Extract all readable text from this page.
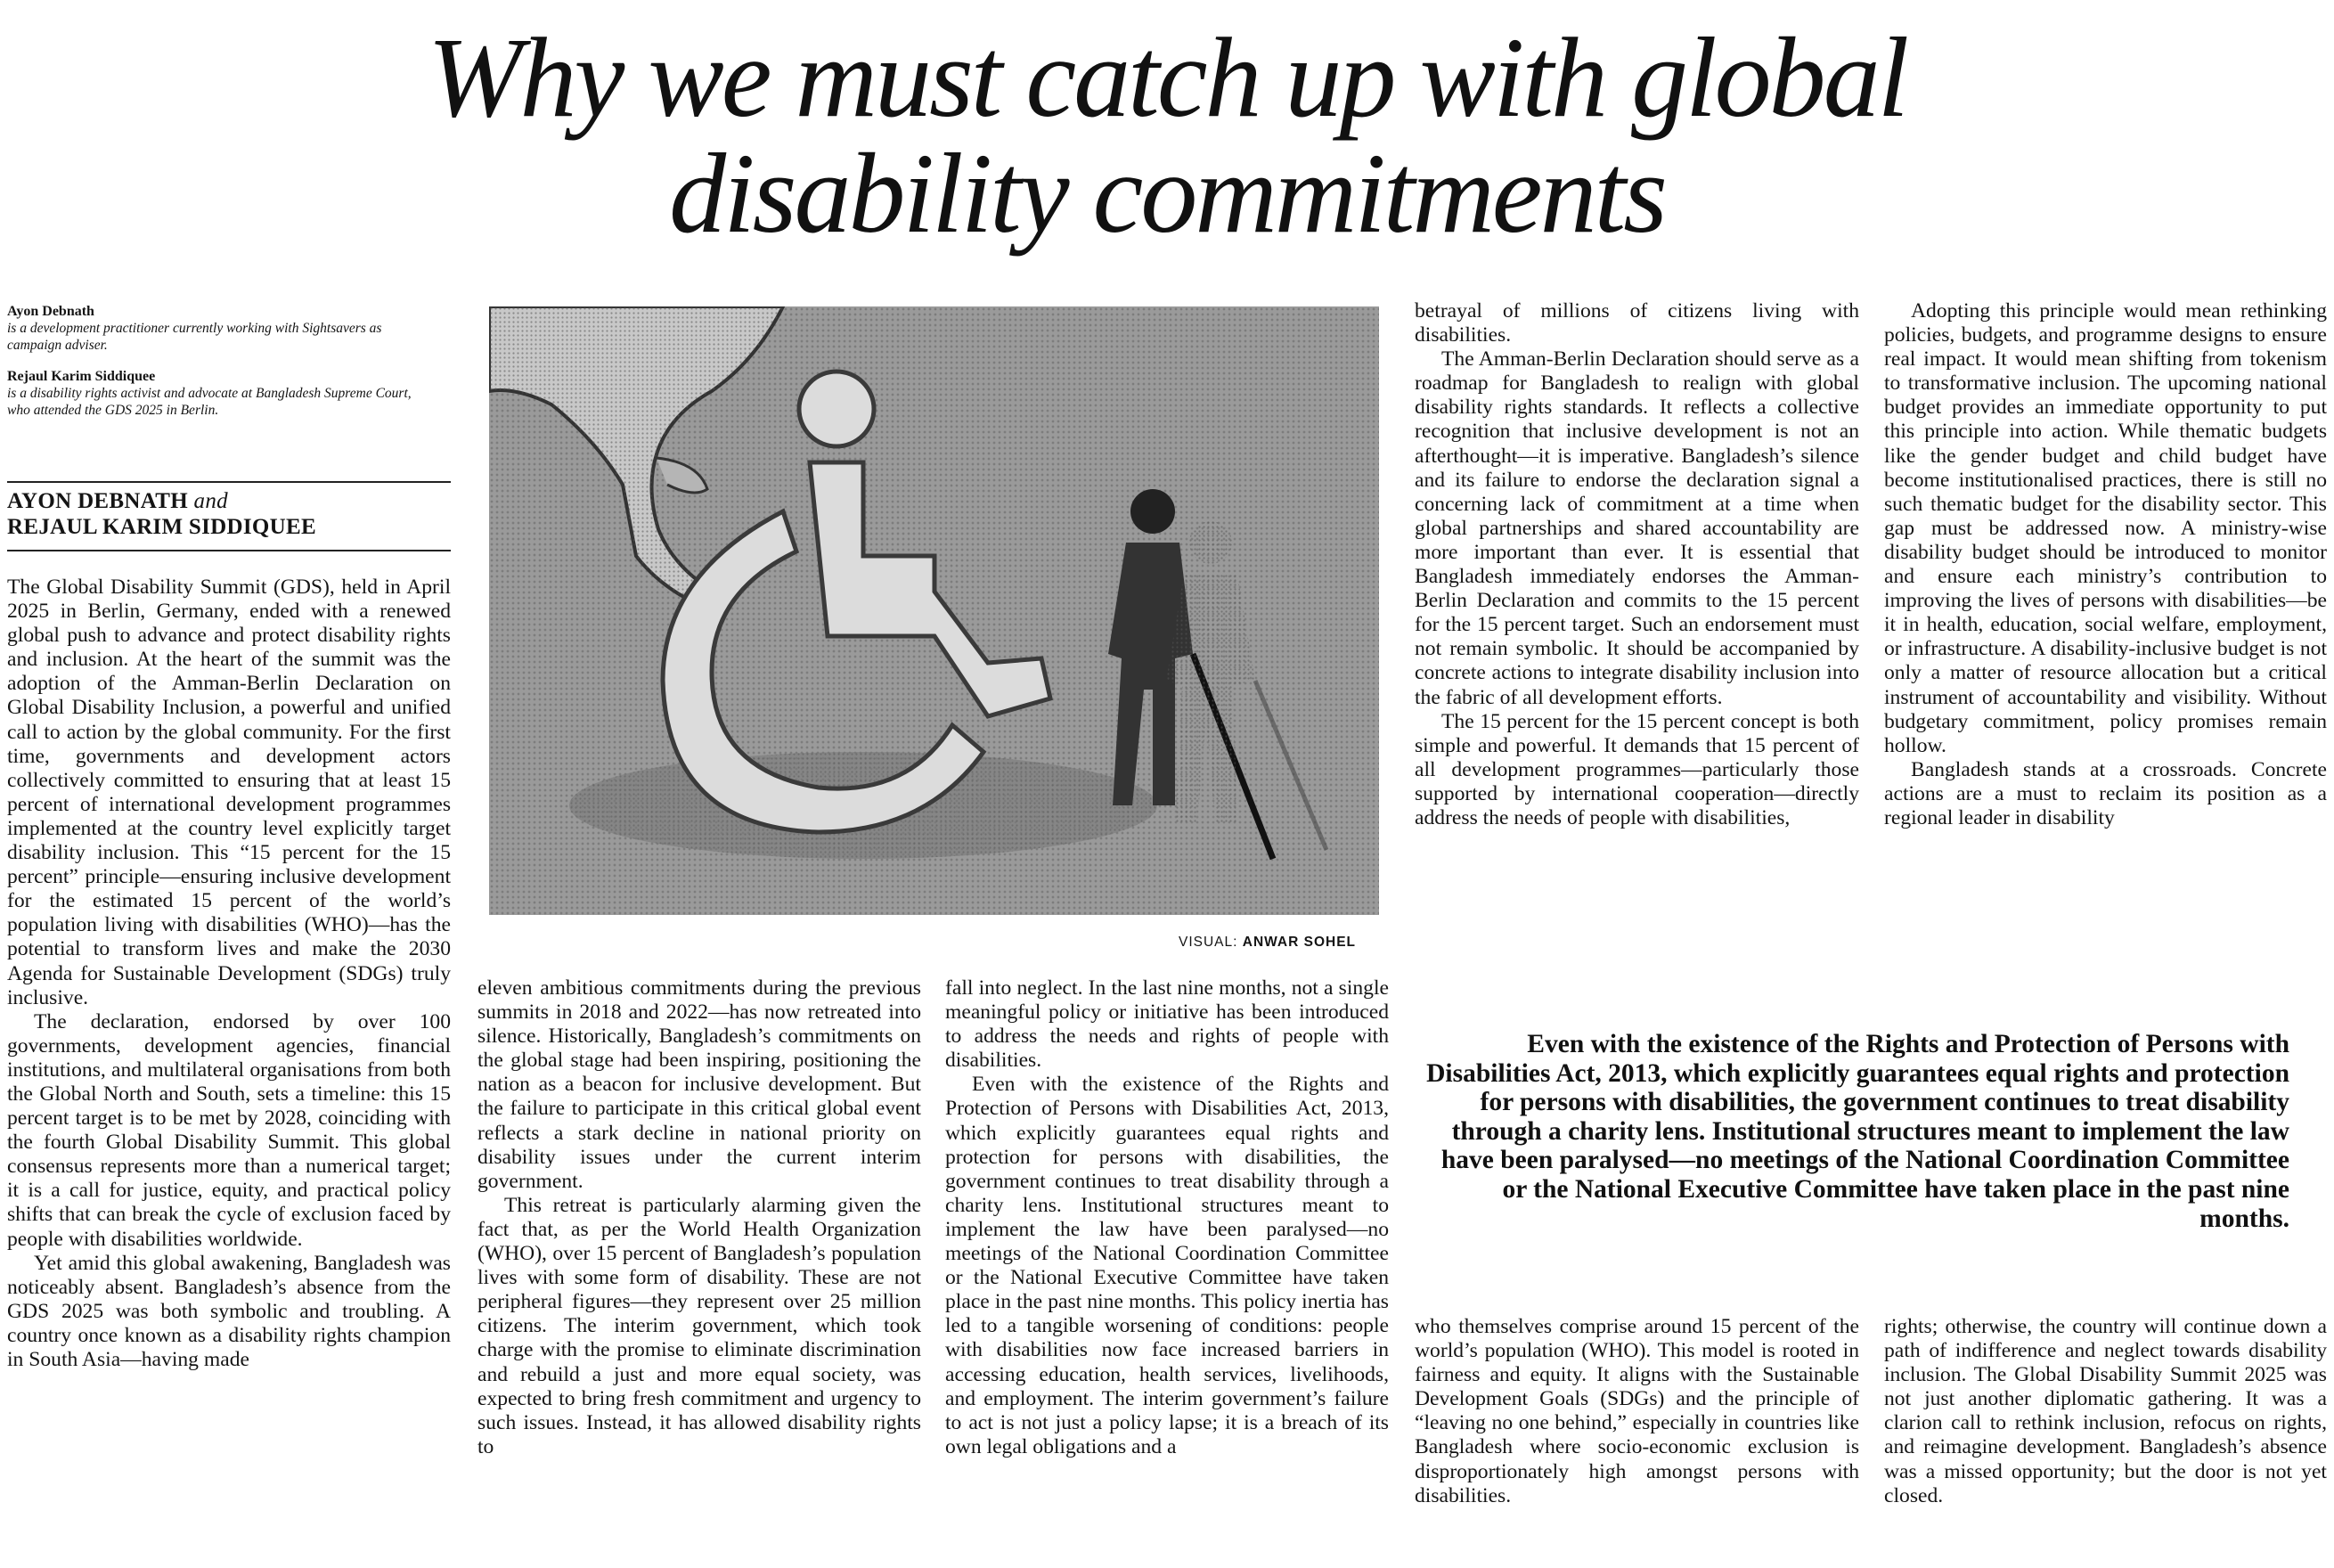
Why we must catch up with global
disability commitments
Ayon Debnath
is a development practitioner currently working with Sightsavers as campaign adviser.
Rejaul Karim Siddiquee
is a disability rights activist and advocate at Bangladesh Supreme Court, who attended the GDS 2025 in Berlin.
AYON DEBNATH and
REJAUL KARIM SIDDIQUEE

The Global Disability Summit (GDS), held in April 2025 in Berlin, Germany, ended with a renewed global push to advance and protect disability rights and inclusion. At the heart of the summit was the adoption of the Amman-Berlin Declaration on Global Disability Inclusion, a powerful and unified call to action by the global community. For the first time, governments and development actors collectively committed to ensuring that at least 15 percent of international development programmes implemented at the country level explicitly target disability inclusion. This “15 percent for the 15 percent” principle—ensuring inclusive development for the estimated 15 percent of the world’s population living with disabilities (WHO)—has the potential to transform lives and make the 2030 Agenda for Sustainable Development (SDGs) truly inclusive.

The declaration, endorsed by over 100 governments, development agencies, financial institutions, and multilateral organisations from both the Global North and South, sets a timeline: this 15 percent target is to be met by 2028, coinciding with the fourth Global Disability Summit. This global consensus represents more than a numerical target; it is a call for justice, equity, and practical policy shifts that can break the cycle of exclusion faced by people with disabilities worldwide.

Yet amid this global awakening, Bangladesh was noticeably absent. Bangladesh’s absence from the GDS 2025 was both symbolic and troubling. A country once known as a disability rights champion in South Asia—having made

VISUAL: ANWAR SOHEL

eleven ambitious commitments during the previous summits in 2018 and 2022—has now retreated into silence. Historically, Bangladesh’s commitments on the global stage had been inspiring, positioning the nation as a beacon for inclusive development. But the failure to participate in this critical global event reflects a stark decline in national priority on disability issues under the current interim government.

This retreat is particularly alarming given the fact that, as per the World Health Organization (WHO), over 15 percent of Bangladesh’s population lives with some form of disability. These are not peripheral figures—they represent over 25 million citizens. The interim government, which took charge with the promise to eliminate discrimination and rebuild a just and more equal society, was expected to bring fresh commitment and urgency to such issues. Instead, it has allowed disability rights to

fall into neglect. In the last nine months, not a single meaningful policy or initiative has been introduced to address the needs and rights of people with disabilities.

Even with the existence of the Rights and Protection of Persons with Disabilities Act, 2013, which explicitly guarantees equal rights and protection for persons with disabilities, the government continues to treat disability through a charity lens. Institutional structures meant to implement the law have been paralysed—no meetings of the National Coordination Committee or the National Executive Committee have taken place in the past nine months. This policy inertia has led to a tangible worsening of conditions: people with disabilities now face increased barriers in accessing education, health services, livelihoods, and employment. The interim government’s failure to act is not just a policy lapse; it is a breach of its own legal obligations and a

betrayal of millions of citizens living with disabilities.

The Amman-Berlin Declaration should serve as a roadmap for Bangladesh to realign with global disability rights standards. It reflects a collective recognition that inclusive development is not an afterthought—it is imperative. Bangladesh’s silence and its failure to endorse the declaration signal a concerning lack of commitment at a time when global partnerships and shared accountability are more important than ever. It is essential that Bangladesh immediately endorses the Amman-Berlin Declaration and commits to the 15 percent for the 15 percent target. Such an endorsement must not remain symbolic. It should be accompanied by concrete actions to integrate disability inclusion into the fabric of all development efforts.

The 15 percent for the 15 percent concept is both simple and powerful. It demands that 15 percent of all development programmes—particularly those supported by international cooperation—directly address the needs of people with disabilities,

Adopting this principle would mean rethinking policies, budgets, and programme designs to ensure real impact. It would mean shifting from tokenism to transformative inclusion. The upcoming national budget provides an immediate opportunity to put this principle into action. While thematic budgets like the gender budget and child budget have become institutionalised practices, there is still no such thematic budget for the disability sector. This gap must be addressed now. A ministry-wise disability budget should be introduced to monitor and ensure each ministry’s contribution to improving the lives of persons with disabilities—be it in health, education, social welfare, employment, or infrastructure. A disability-inclusive budget is not only a matter of resource allocation but a critical instrument of accountability and visibility. Without budgetary commitment, policy promises remain hollow.

Bangladesh stands at a crossroads. Concrete actions are a must to reclaim its position as a regional leader in disability

Even with the existence of the Rights and Protection of Persons with Disabilities Act, 2013, which explicitly guarantees equal rights and protection for persons with disabilities, the government continues to treat disability through a charity lens. Institutional structures meant to implement the law have been paralysed—no meetings of the National Coordination Committee or the National Executive Committee have taken place in the past nine months.

who themselves comprise around 15 percent of the world’s population (WHO). This model is rooted in fairness and equity. It aligns with the Sustainable Development Goals (SDGs) and the principle of “leaving no one behind,” especially in countries like Bangladesh where socio-economic exclusion is disproportionately high amongst persons with disabilities.

rights; otherwise, the country will continue down a path of indifference and neglect towards disability inclusion. The Global Disability Summit 2025 was not just another diplomatic gathering. It was a clarion call to rethink inclusion, refocus on rights, and reimagine development. Bangladesh’s absence was a missed opportunity; but the door is not yet closed.
